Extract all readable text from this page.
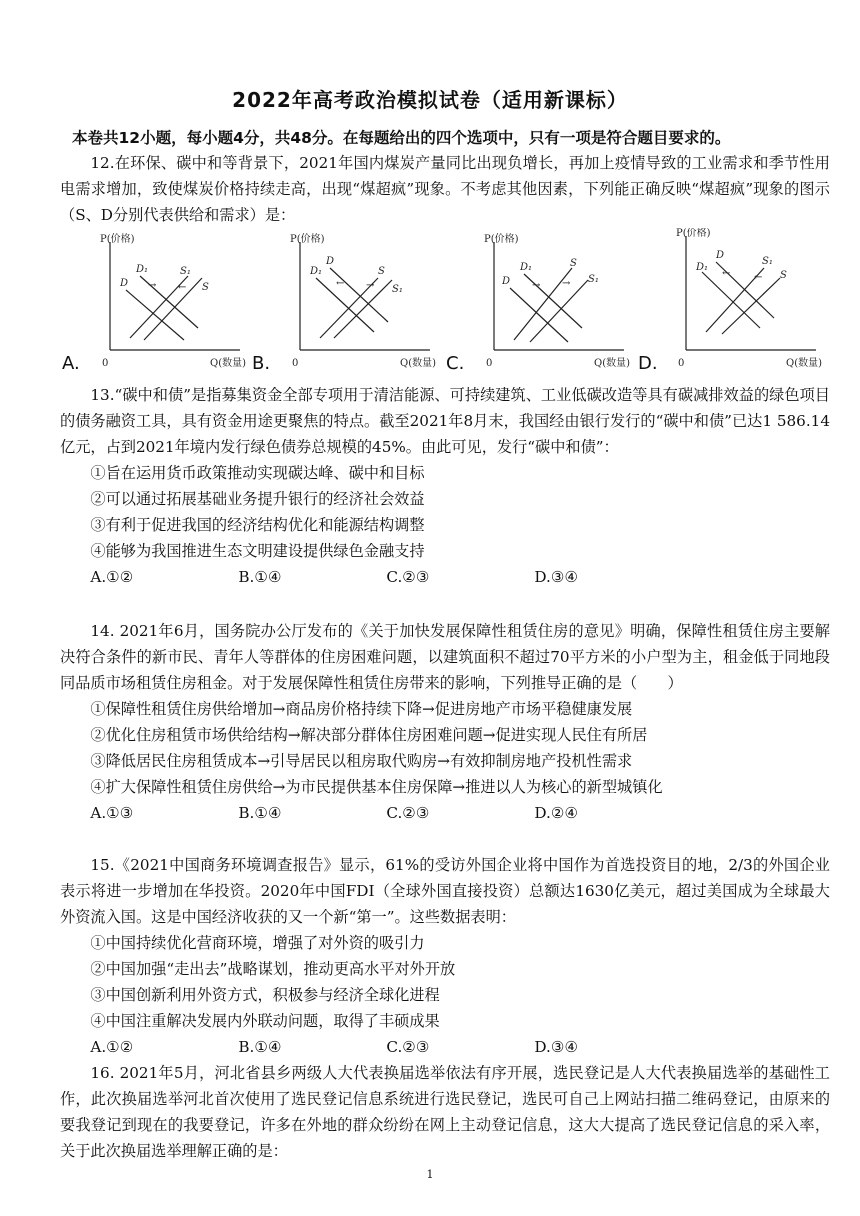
2022年高考政治模拟试卷（适用新课标）
本卷共12小题，每小题4分，共48分。在每题给出的四个选项中，只有一项是符合题目要求的。

12.在环保、碳中和等背景下，2021年国内煤炭产量同比出现负增长，再加上疫情导致的工业需求和季节性用电需求增加，致使煤炭价格持续走高，出现“煤超疯”现象。不考虑其他因素，下列能正确反映“煤超疯”现象的图示（S、D分别代表供给和需求）是：

P(价格)
Q(数量)
0
D
D₁	S₁
S
→ ←
A.
P(价格)
Q(数量)
0
D₁
D
S
S₁
← →
B.
P(价格)
Q(数量)
0
D
D₁	S
S₁
→ →
C.
P(价格)
Q(数量)
0
D₁
D
S₁
S
← ←
D.

13.“碳中和债”是指募集资金全部专项用于清洁能源、可持续建筑、工业低碳改造等具有碳减排效益的绿色项目的债务融资工具，具有资金用途更聚焦的特点。截至2021年8月末，我国经由银行发行的“碳中和债”已达1 586.14亿元，占到2021年境内发行绿色债券总规模的45%。由此可见，发行“碳中和债”：

①旨在运用货币政策推动实现碳达峰、碳中和目标

②可以通过拓展基础业务提升银行的经济社会效益

③有利于促进我国的经济结构优化和能源结构调整

④能够为我国推进生态文明建设提供绿色金融支持

A.①②	B.①④	C.②③	D.③④

14. 2021年6月，国务院办公厅发布的《关于加快发展保障性租赁住房的意见》明确，保障性租赁住房主要解决符合条件的新市民、青年人等群体的住房困难问题，以建筑面积不超过70平方米的小户型为主，租金低于同地段同品质市场租赁住房租金。对于发展保障性租赁住房带来的影响，下列推导正确的是（　　）

①保障性租赁住房供给增加→商品房价格持续下降→促进房地产市场平稳健康发展

②优化住房租赁市场供给结构→解决部分群体住房困难问题→促进实现人民住有所居

③降低居民住房租赁成本→引导居民以租房取代购房→有效抑制房地产投机性需求

④扩大保障性租赁住房供给→为市民提供基本住房保障→推进以人为核心的新型城镇化

A.①③	B.①④	C.②③	D.②④

15.《2021中国商务环境调查报告》显示，61%的受访外国企业将中国作为首选投资目的地，2/3的外国企业表示将进一步增加在华投资。2020年中国FDI（全球外国直接投资）总额达1630亿美元，超过美国成为全球最大外资流入国。这是中国经济收获的又一个新“第一”。这些数据表明：

①中国持续优化营商环境，增强了对外资的吸引力

②中国加强“走出去”战略谋划，推动更高水平对外开放

③中国创新利用外资方式，积极参与经济全球化进程

④中国注重解决发展内外联动问题，取得了丰硕成果

A.①②	B.①④	C.②③	D.③④

16. 2021年5月，河北省县乡两级人大代表换届选举依法有序开展，选民登记是人大代表换届选举的基础性工作，此次换届选举河北首次使用了选民登记信息系统进行选民登记，选民可自己上网站扫描二维码登记，由原来的要我登记到现在的我要登记，许多在外地的群众纷纷在网上主动登记信息，这大大提高了选民登记信息的采入率，关于此次换届选举理解正确的是：

1
